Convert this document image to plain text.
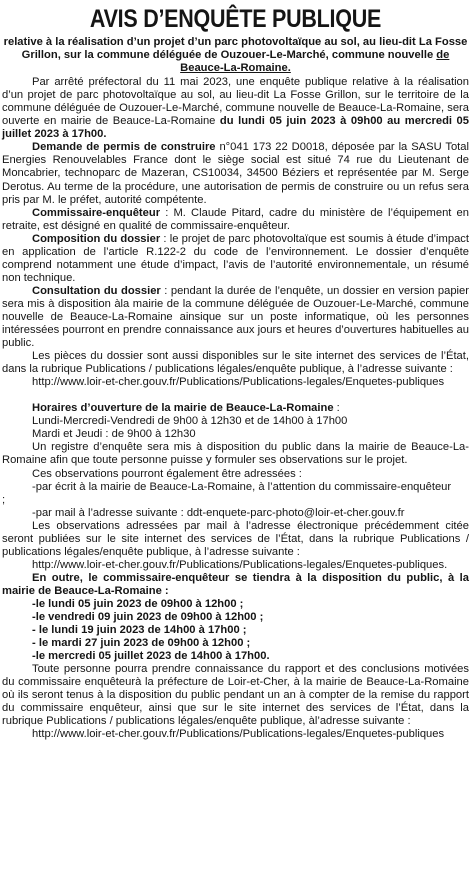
AVIS D’ENQUÊTE PUBLIQUE

relative à la réalisation d’un projet d’un parc photovoltaïque au sol, au lieu-dit La Fosse Grillon, sur la commune déléguée de Ouzouer-Le-Marché, commune nouvelle de Beauce-La-Romaine.

Par arrêté préfectoral du 11 mai 2023, une enquête publique relative à la réalisation d’un projet de parc photovoltaïque au sol, au lieu-dit La Fosse Grillon, sur le territoire de la commune déléguée de Ouzouer-Le-Marché, commune nouvelle de Beauce-La-Romaine, sera ouverte en mairie de Beauce-La-Romaine du lundi 05 juin 2023 à 09h00 au mercredi 05 juillet 2023 à 17h00.

Demande de permis de construire n°041 173 22 D0018, déposée par la SASU Total Energies Renouvelables France dont le siège social est situé 74 rue du Lieutenant de Moncabrier, technoparc de Mazeran, CS10034, 34500 Béziers et représentée par M. Serge Derotus. Au terme de la procédure, une autorisation de permis de construire ou un refus sera pris par M. le préfet, autorité compétente.

Commissaire-enquêteur : M. Claude Pitard, cadre du ministère de l’équipement en retraite, est désigné en qualité de commissaire-enquêteur.

Composition du dossier : le projet de parc photovoltaïque est soumis à étude d’impact en application de l’article R.122-2 du code de l’environnement. Le dossier d’enquête comprend notamment une étude d’impact, l’avis de l’autorité environnementale, un résumé non technique.

Consultation du dossier : pendant la durée de l’enquête, un dossier en version papier sera mis à disposition àla mairie de la commune déléguée de Ouzouer-Le-Marché, commune nouvelle de Beauce-La-Romaine ainsique sur un poste informatique, où les personnes intéressées pourront en prendre connaissance aux jours et heures d’ouvertures habituelles au public.

Les pièces du dossier sont aussi disponibles sur le site internet des services de l’État, dans la rubrique Publications / publications légales/enquête publique, à l’adresse suivante :

http://www.loir-et-cher.gouv.fr/Publications/Publications-legales/Enquetes-publiques

Horaires d’ouverture de la mairie de Beauce-La-Romaine :

Lundi-Mercredi-Vendredi de 9h00 à 12h30 et de 14h00 à 17h00

Mardi et Jeudi : de 9h00 à 12h30

Un registre d’enquête sera mis à disposition du public dans la mairie de Beauce-La-Romaine afin que toute personne puisse y formuler ses observations sur le projet.

Ces observations pourront également être adressées :

-par écrit à la mairie de Beauce-La-Romaine, à l’attention du commissaire-enquêteur

;

-par mail à l’adresse suivante : ddt-enquete-parc-photo@loir-et-cher.gouv.fr

Les observations adressées par mail à l’adresse électronique précédemment citée seront publiées sur le site internet des services de l’État, dans la rubrique Publications / publications légales/enquête publique, à l’adresse suivante :

http://www.loir-et-cher.gouv.fr/Publications/Publications-legales/Enquetes-publiques.

En outre, le commissaire-enquêteur se tiendra à la disposition du public, à la mairie de Beauce-La-Romaine :

-le lundi 05 juin 2023 de 09h00 à 12h00 ;

-le vendredi 09 juin 2023 de 09h00 à 12h00 ;

- le lundi 19 juin 2023 de 14h00 à 17h00 ;

- le mardi 27 juin 2023 de 09h00 à 12h00 ;

-le mercredi 05 juillet 2023 de 14h00 à 17h00.

Toute personne pourra prendre connaissance du rapport et des conclusions motivées du commissaire enquêteurà la préfecture de Loir-et-Cher, à la mairie de Beauce-La-Romaine où ils seront tenus à la disposition du public pendant un an à compter de la remise du rapport du commissaire enquêteur, ainsi que sur le site internet des services de l’État, dans la rubrique Publications / publications légales/enquête publique, àl’adresse suivante :

http://www.loir-et-cher.gouv.fr/Publications/Publications-legales/Enquetes-publiques
